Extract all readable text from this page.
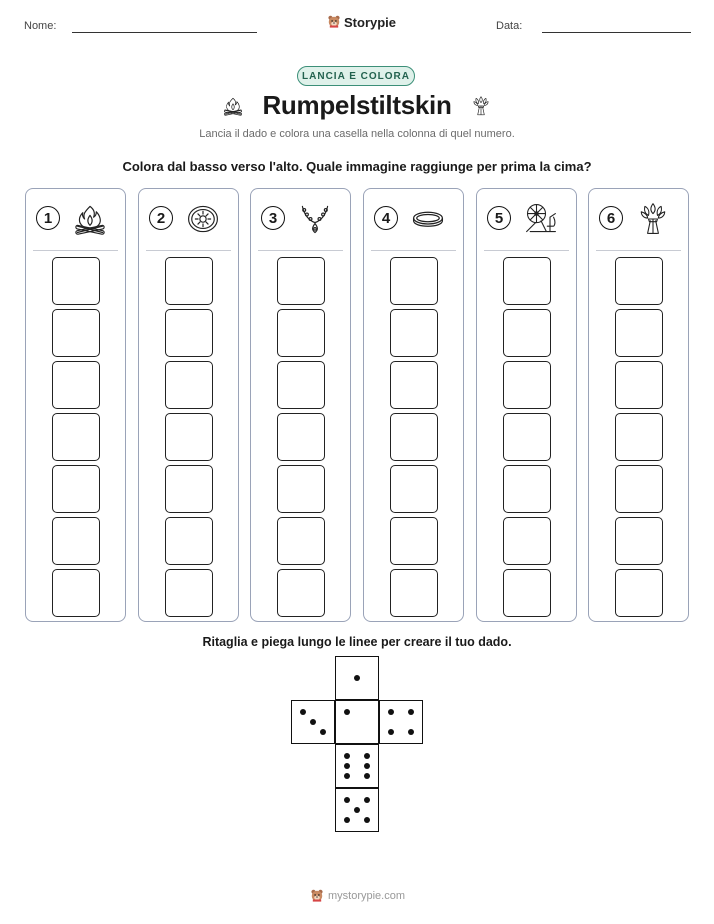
Nome:	Storypie	Data:
LANCIA E COLORA
Rumpelstiltskin
Lancia il dado e colora una casella nella colonna di quel numero.
Colora dal basso verso l'alto. Quale immagine raggiunge per prima la cima?
1	2	3	4	5	6
Ritaglia e piega lungo le linee per creare il tuo dado.
mystorypie.com
